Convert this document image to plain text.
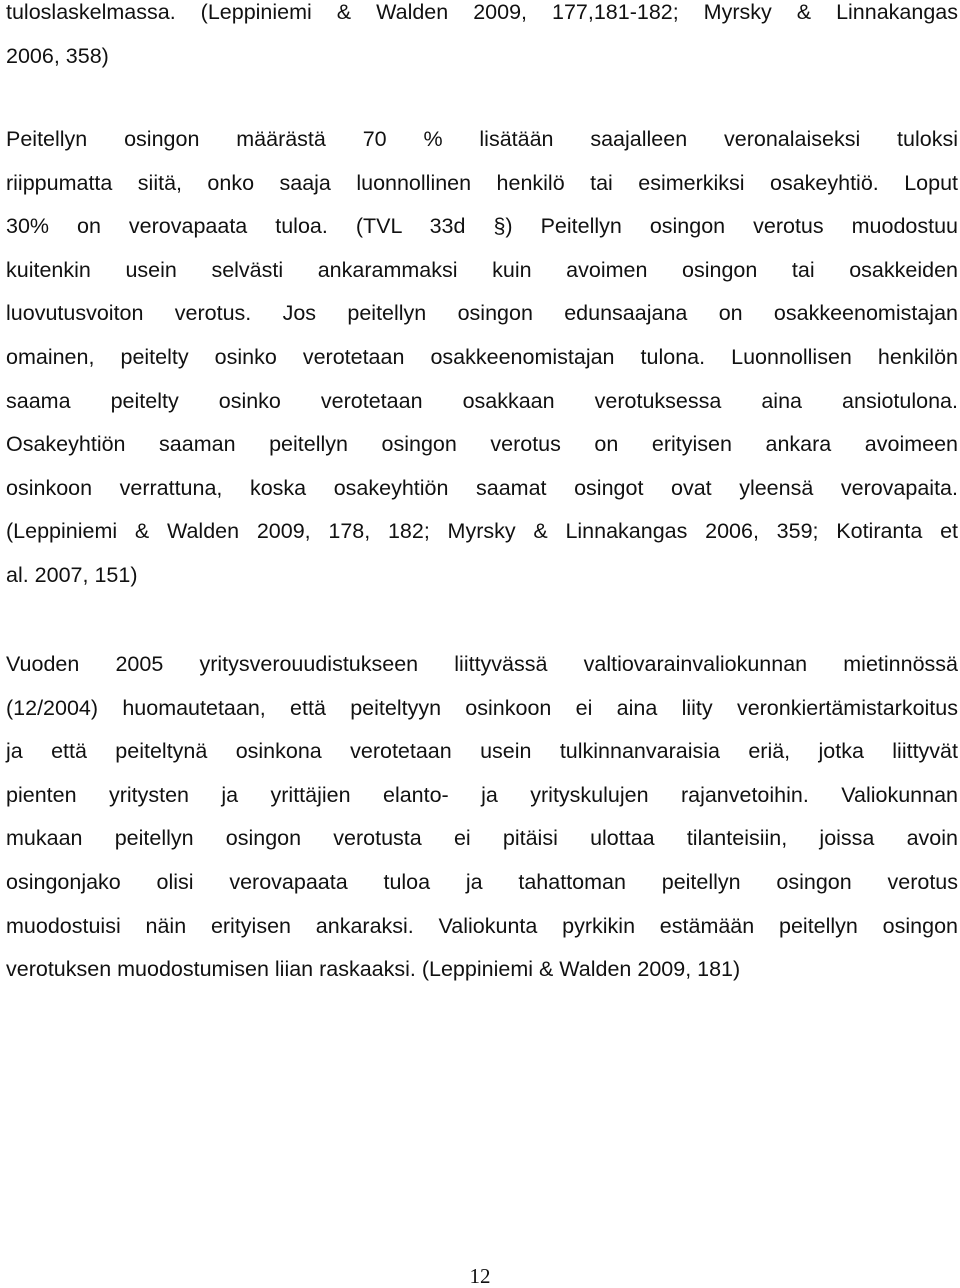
tuloslaskelmassa. (Leppiniemi & Walden 2009, 177,181-182; Myrsky & Linnakangas
2006, 358)

Peitellyn osingon määrästä 70 % lisätään saajalleen veronalaiseksi tuloksi
riippumatta siitä, onko saaja luonnollinen henkilö tai esimerkiksi osakeyhtiö. Loput
30% on verovapaata tuloa. (TVL 33d §) Peitellyn osingon verotus muodostuu
kuitenkin usein selvästi ankarammaksi kuin avoimen osingon tai osakkeiden
luovutusvoiton verotus. Jos peitellyn osingon edunsaajana on osakkeenomistajan
omainen, peitelty osinko verotetaan osakkeenomistajan tulona. Luonnollisen henkilön
saama peitelty osinko verotetaan osakkaan verotuksessa aina ansiotulona.
Osakeyhtiön saaman peitellyn osingon verotus on erityisen ankara avoimeen
osinkoon verrattuna, koska osakeyhtiön saamat osingot ovat yleensä verovapaita.
(Leppiniemi & Walden 2009, 178, 182; Myrsky & Linnakangas 2006, 359; Kotiranta et
al. 2007, 151)

Vuoden 2005 yritysverouudistukseen liittyvässä valtiovarainvaliokunnan mietinnössä
(12/2004) huomautetaan, että peiteltyyn osinkoon ei aina liity veronkiertämistarkoitus
ja että peiteltynä osinkona verotetaan usein tulkinnanvaraisia eriä, jotka liittyvät
pienten yritysten ja yrittäjien elanto- ja yrityskulujen rajanvetoihin. Valiokunnan
mukaan peitellyn osingon verotusta ei pitäisi ulottaa tilanteisiin, joissa avoin
osingonjako olisi verovapaata tuloa ja tahattoman peitellyn osingon verotus
muodostuisi näin erityisen ankaraksi. Valiokunta pyrkikin estämään peitellyn osingon
verotuksen muodostumisen liian raskaaksi. (Leppiniemi & Walden 2009, 181)

12
